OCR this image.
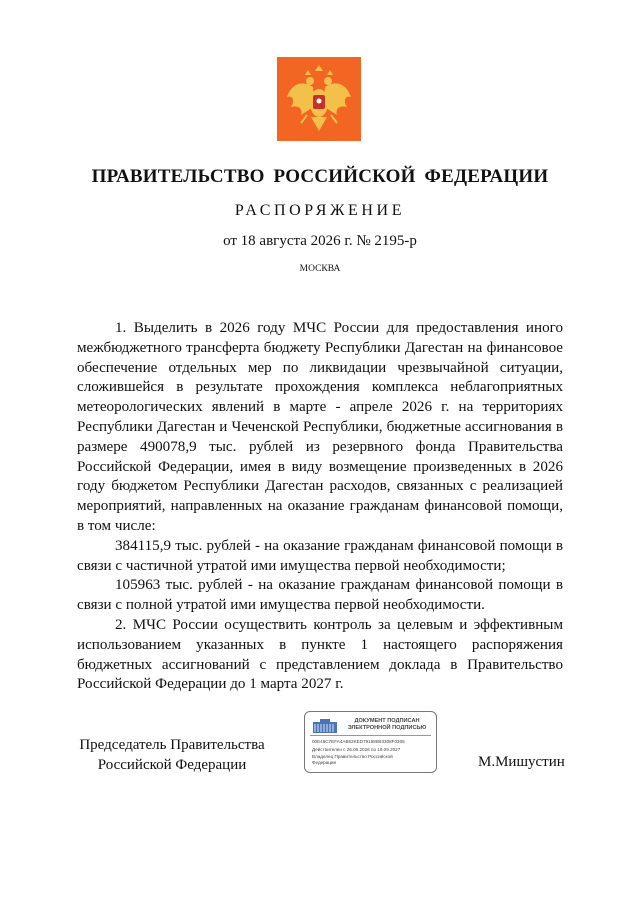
ПРАВИТЕЛЬСТВО РОССИЙСКОЙ ФЕДЕРАЦИИ
РАСПОРЯЖЕНИЕ
от 18 августа 2026 г. № 2195-р
МОСКВА

1. Выделить в 2026 году МЧС России для предоставления иного межбюджетного трансферта бюджету Республики Дагестан на финансовое обеспечение отдельных мер по ликвидации чрезвычайной ситуации, сложившейся в результате прохождения комплекса неблагоприятных метеорологических явлений в марте - апреле 2026 г. на территориях Республики Дагестан и Чеченской Республики, бюджетные ассигнования в размере 490078,9 тыс. рублей из резервного фонда Правительства Российской Федерации, имея в виду возмещение произведенных в 2026 году бюджетом Республики Дагестан расходов, связанных с реализацией мероприятий, направленных на оказание гражданам финансовой помощи, в том числе:

384115,9 тыс. рублей - на оказание гражданам финансовой помощи в связи с частичной утратой ими имущества первой необходимости;

105963 тыс. рублей - на оказание гражданам финансовой помощи в связи с полной утратой ими имущества первой необходимости.

2. МЧС России осуществить контроль за целевым и эффективным использованием указанных в пункте 1 настоящего распоряжения бюджетных ассигнований с представлением доклада в Правительство Российской Федерации до 1 марта 2027 г.

Председатель Правительства
Российской Федерации
ДОКУМЕНТ ПОДПИСАН
ЭЛЕКТРОННОЙ ПОДПИСЬЮ
00E46C7EFA4AB52KED79158B63308F0305
Действителен с 26.06.2026 по 19.09.2027
Владелец Правительство Российской
Федерации	М.Мишустин
